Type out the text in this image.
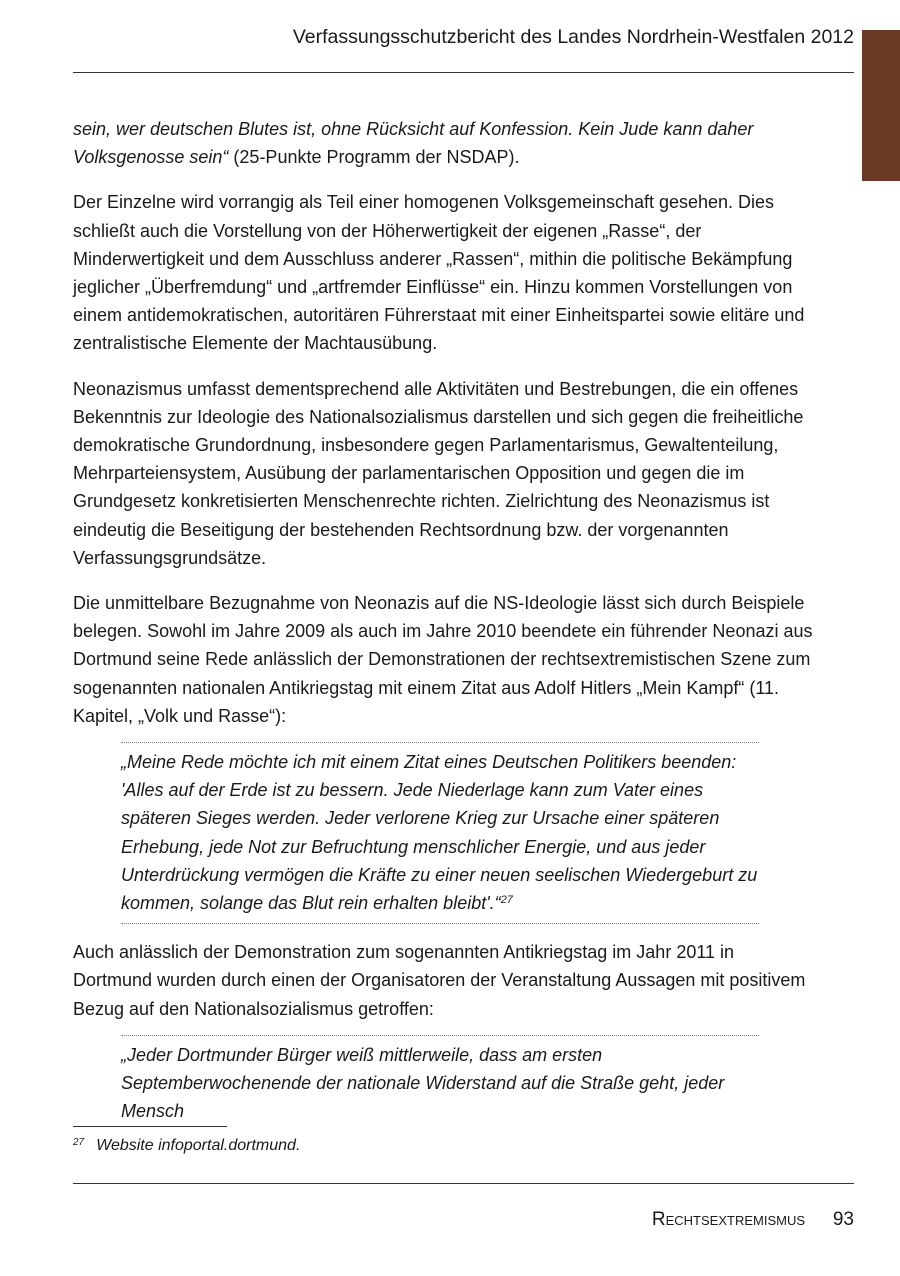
Verfassungsschutzbericht des Landes Nordrhein-Westfalen 2012

sein, wer deutschen Blutes ist, ohne Rücksicht auf Konfession. Kein Jude kann daher Volksgenosse sein“ (25-Punkte Programm der NSDAP).

Der Einzelne wird vorrangig als Teil einer homogenen Volksgemeinschaft gesehen. Dies schließt auch die Vorstellung von der Höherwertigkeit der eigenen „Rasse“, der Minderwertigkeit und dem Ausschluss anderer „Rassen“, mithin die politische Bekämpfung jeglicher „Überfremdung“ und „artfremder Einflüsse“ ein. Hinzu kommen Vorstellungen von einem antidemokratischen, autoritären Führerstaat mit einer Einheitspartei sowie elitäre und zentralistische Elemente der Machtausübung.

Neonazismus umfasst dementsprechend alle Aktivitäten und Bestrebungen, die ein offenes Bekenntnis zur Ideologie des Nationalsozialismus darstellen und sich gegen die freiheitliche demokratische Grundordnung, insbesondere gegen Parlamentarismus, Gewaltenteilung, Mehrparteiensystem, Ausübung der parlamentarischen Opposition und gegen die im Grundgesetz konkretisierten Menschenrechte richten. Zielrichtung des Neonazismus ist eindeutig die Beseitigung der bestehenden Rechtsordnung bzw. der vorgenannten Verfassungsgrundsätze.

Die unmittelbare Bezugnahme von Neonazis auf die NS-Ideologie lässt sich durch Beispiele belegen. Sowohl im Jahre 2009 als auch im Jahre 2010 beendete ein führender Neonazi aus Dortmund seine Rede anlässlich der Demonstrationen der rechtsextremistischen Szene zum sogenannten nationalen Antikriegstag mit einem Zitat aus Adolf Hitlers „Mein Kampf“ (11. Kapitel, „Volk und Rasse“):

„Meine Rede möchte ich mit einem Zitat eines Deutschen Politikers beenden: 'Alles auf der Erde ist zu bessern. Jede Niederlage kann zum Vater eines späteren Sieges werden. Jeder verlorene Krieg zur Ursache einer späteren Erhebung, jede Not zur Befruchtung menschlicher Energie, und aus jeder Unterdrückung vermögen die Kräfte zu einer neuen seelischen Wiedergeburt zu kommen, solange das Blut rein erhalten bleibt'.“$^{27}$

Auch anlässlich der Demonstration zum sogenannten Antikriegstag im Jahr 2011 in Dortmund wurden durch einen der Organisatoren der Veranstaltung Aussagen mit positivem Bezug auf den Nationalsozialismus getroffen:

„Jeder Dortmunder Bürger weiß mittlerweile, dass am ersten Septemberwochenende der nationale Widerstand auf die Straße geht, jeder Mensch

$^{27}$ Website infoportal.dortmund.
Rechtsextremismus 93
